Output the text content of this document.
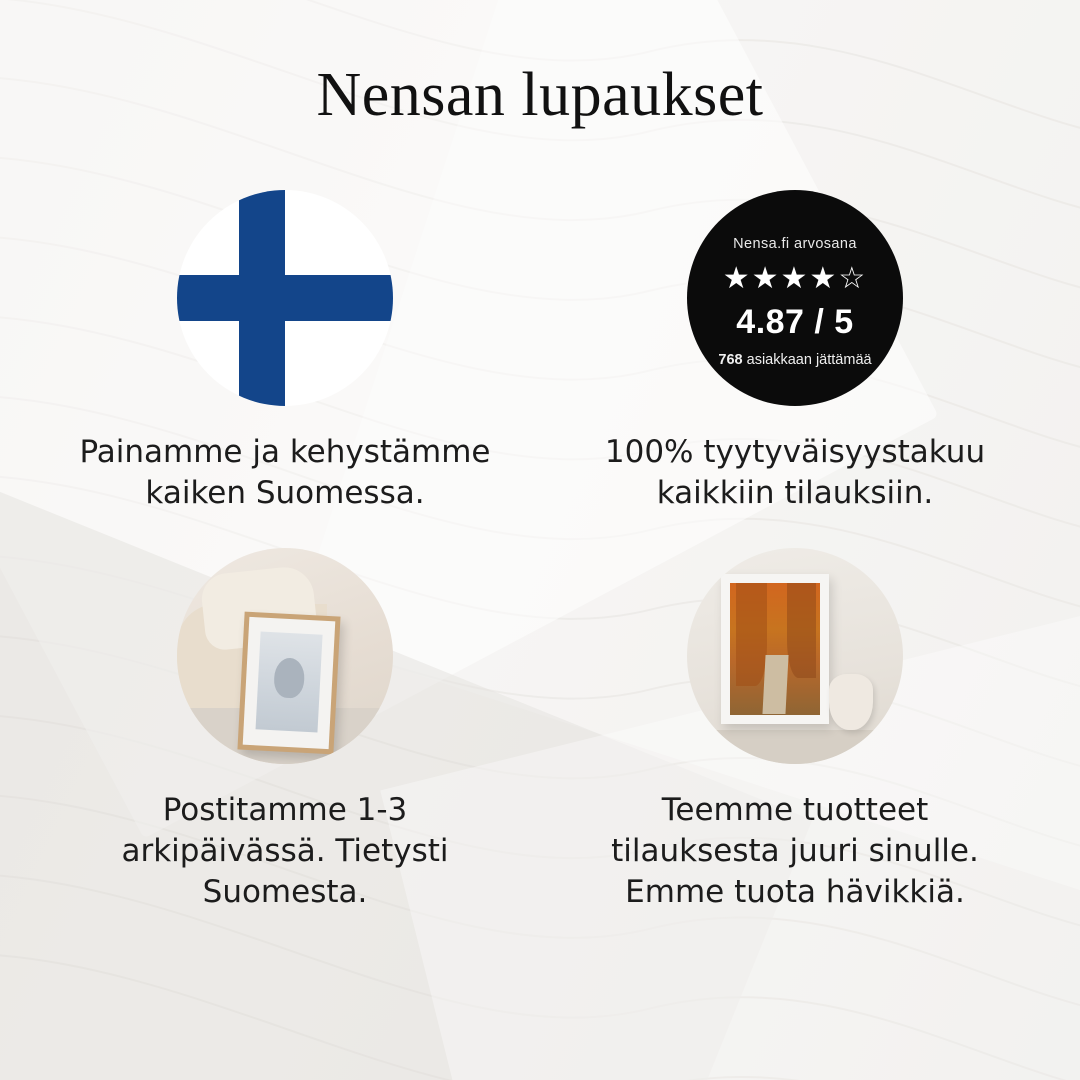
Nensan lupaukset
Painamme ja kehystämme kaiken Suomessa.
Nensa.fi arvosana
★★★★☆
4.87 / 5
768 asiakkaan jättämää
100% tyytyväisyystakuu kaikkiin tilauksiin.
Postitamme 1-3 arkipäivässä. Tietysti Suomesta.
Teemme tuotteet tilauksesta juuri sinulle. Emme tuota hävikkiä.
